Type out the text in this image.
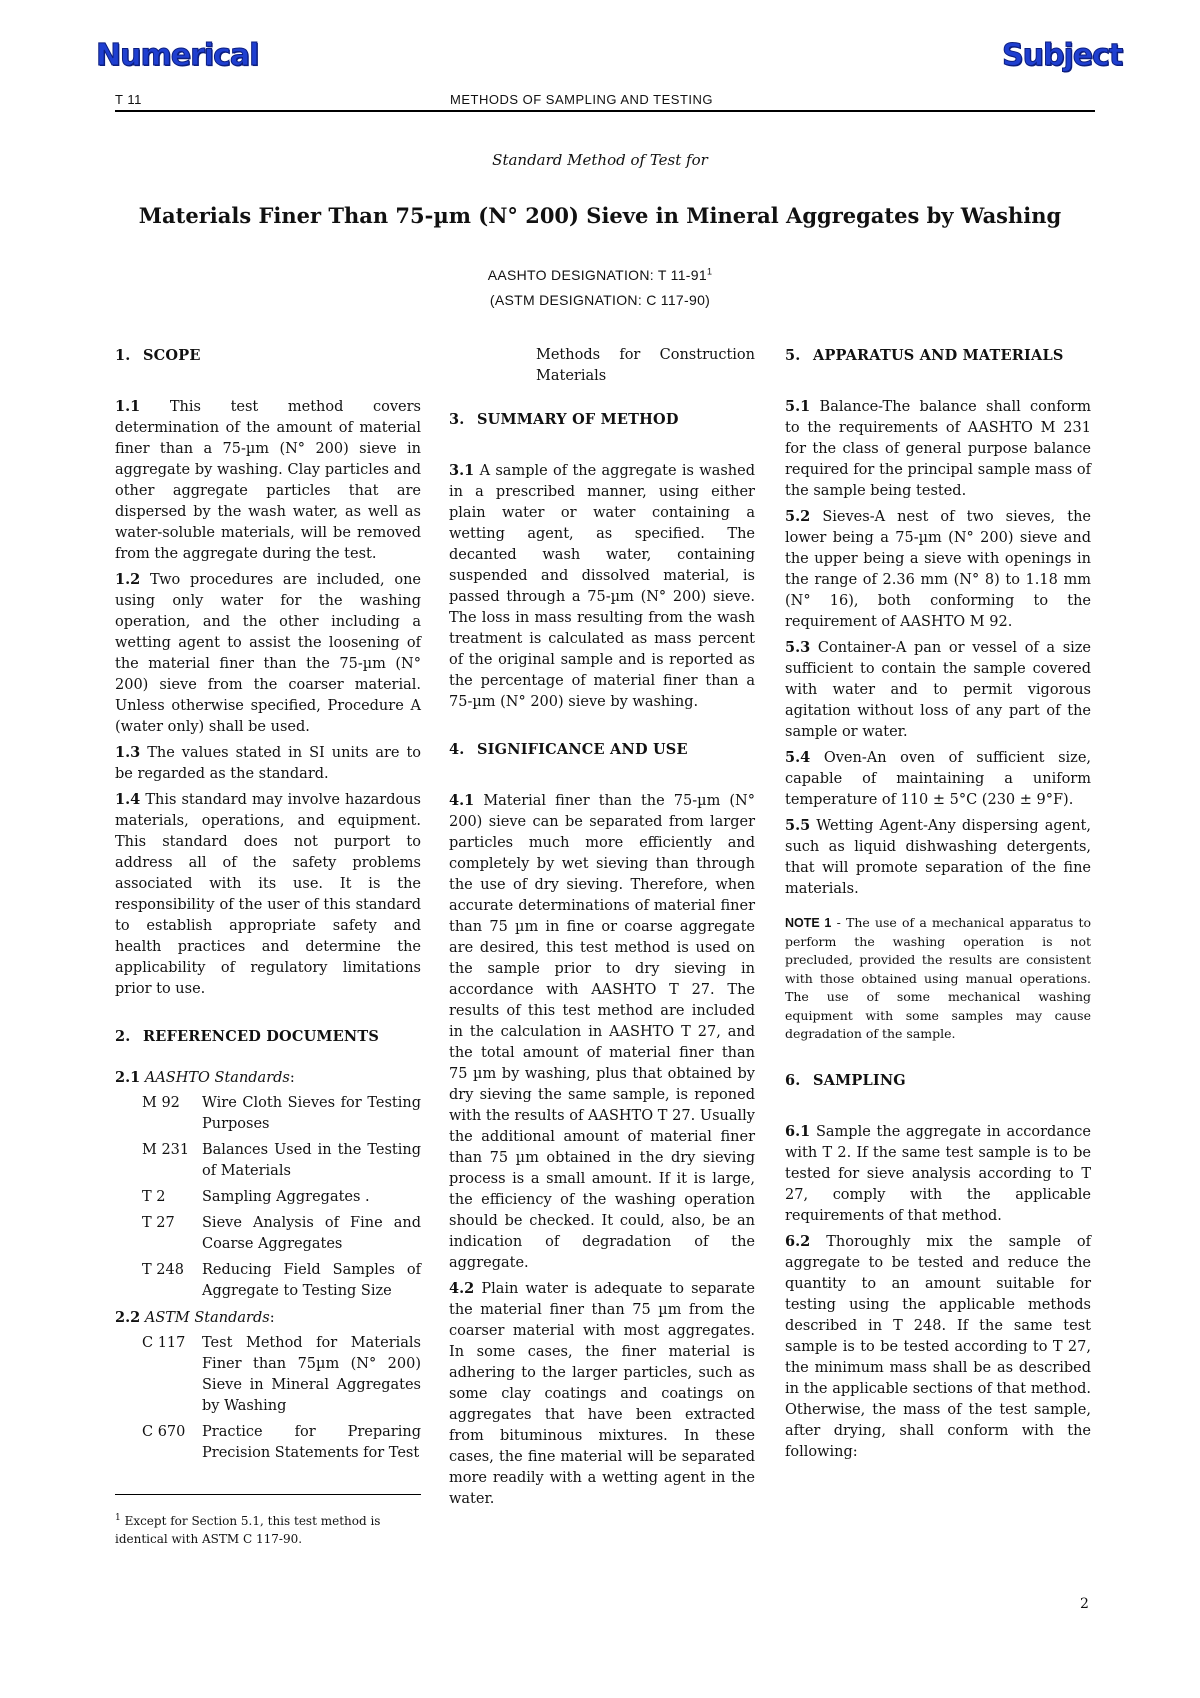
Numerical	Subject
T 11	METHODS OF SAMPLING AND TESTING
Standard Method of Test for
Materials Finer Than 75-µm (N° 200) Sieve in Mineral Aggregates by Washing
AASHTO DESIGNATION: T $11-91^1$
(ASTM DESIGNATION: C 117-90)
1. SCOPE

1.1 This test method covers determination of the amount of material finer than a 75-µm (N° 200) sieve in aggregate by washing. Clay particles and other aggregate particles that are dispersed by the wash water, as well as water-soluble materials, will be removed from the aggregate during the test.

1.2 Two procedures are included, one using only water for the washing operation, and the other including a wetting agent to assist the loosening of the material finer than the 75-µm (N° 200) sieve from the coarser material. Unless otherwise specified, Procedure A (water only) shall be used.

1.3 The values stated in SI units are to be regarded as the standard.

1.4 This standard may involve hazardous materials, operations, and equipment. This standard does not purport to address all of the safety problems associated with its use. It is the responsibility of the user of this standard to establish appropriate safety and health practices and determine the applicability of regulatory limitations prior to use.

2. REFERENCED DOCUMENTS

2.1 AASHTO Standards:

M 92	Wire Cloth Sieves for Testing Purposes
M 231 Balances Used in the Testing of Materials
T 2	Sampling Aggregates .
T 27	Sieve Analysis of Fine and Coarse Aggregates
T 248	Reducing Field Samples of Aggregate to Testing Size

2.2 ASTM Standards:

C 117	Test Method for Materials Finer than 75µm (N° 200) Sieve in Mineral Aggregates by Washing
C 670	Practice for Preparing Precision Statements for Test
$^1$ Except for Section 5.1, this test method is identical with ASTM C 117-90.
Methods for Construction Materials
3. SUMMARY OF METHOD

3.1 A sample of the aggregate is washed in a prescribed manner, using either plain water or water containing a wetting agent, as specified. The decanted wash water, containing suspended and dissolved material, is passed through a 75-µm (N° 200) sieve. The loss in mass resulting from the wash treatment is calculated as mass percent of the original sample and is reported as the percentage of material finer than a 75-µm (N° 200) sieve by washing.

4. SIGNIFICANCE AND USE

4.1 Material finer than the 75-µm (N° 200) sieve can be separated from larger particles much more efficiently and completely by wet sieving than through the use of dry sieving. Therefore, when accurate determinations of material finer than 75 µm in fine or coarse aggregate are desired, this test method is used on the sample prior to dry sieving in accordance with AASHTO T 27. The results of this test method are included in the calculation in AASHTO T 27, and the total amount of material finer than 75 µm by washing, plus that obtained by dry sieving the same sample, is reponed with the results of AASHTO T 27. Usually the additional amount of material finer than 75 µm obtained in the dry sieving process is a small amount. If it is large, the efficiency of the washing operation should be checked. It could, also, be an indication of degradation of the aggregate.

4.2 Plain water is adequate to separate the material finer than 75 µm from the coarser material with most aggregates. In some cases, the finer material is adhering to the larger particles, such as some clay coatings and coatings on aggregates that have been extracted from bituminous mixtures. In these cases, the fine material will be separated more readily with a wetting agent in the water.

5. APPARATUS AND MATERIALS

5.1 Balance-The balance shall conform to the requirements of AASHTO M 231 for the class of general purpose balance required for the principal sample mass of the sample being tested.

5.2 Sieves-A nest of two sieves, the lower being a 75-µm (N° 200) sieve and the upper being a sieve with openings in the range of 2.36 mm (N° 8) to 1.18 mm (N° 16), both conforming to the requirement of AASHTO M 92.

5.3 Container-A pan or vessel of a size sufficient to contain the sample covered with water and to permit vigorous agitation without loss of any part of the sample or water.

5.4 Oven-An oven of sufficient size, capable of maintaining a uniform temperature of 110 ± 5°C (230 ± 9°F).

5.5 Wetting Agent-Any dispersing agent, such as liquid dishwashing detergents, that will promote separation of the fine materials.

NOTE 1 - The use of a mechanical apparatus to perform the washing operation is not precluded, provided the results are consistent with those obtained using manual operations. The use of some mechanical washing equipment with some samples may cause degradation of the sample.

6. SAMPLING

6.1 Sample the aggregate in accordance with T 2. If the same test sample is to be tested for sieve analysis according to T 27, comply with the applicable requirements of that method.

6.2 Thoroughly mix the sample of aggregate to be tested and reduce the quantity to an amount suitable for testing using the applicable methods described in T 248. If the same test sample is to be tested according to T 27, the minimum mass shall be as described in the applicable sections of that method. Otherwise, the mass of the test sample, after drying, shall conform with the following:

2
